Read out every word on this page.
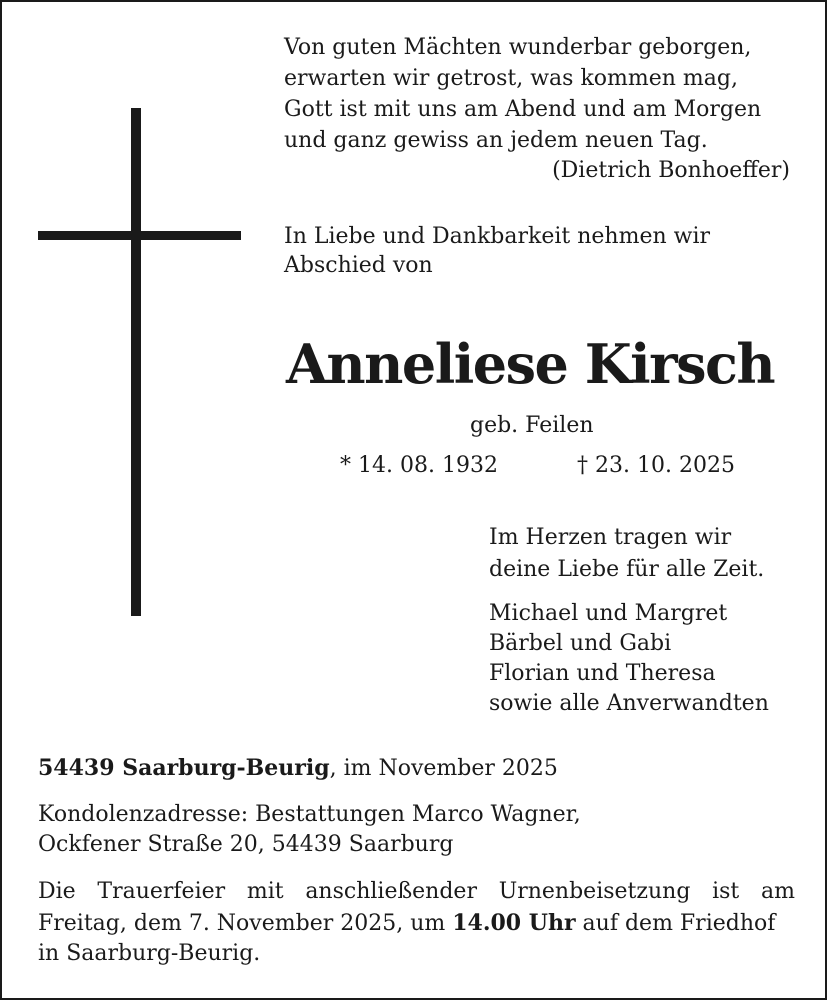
Von guten Mächten wunderbar geborgen,
erwarten wir getrost, was kommen mag,
Gott ist mit uns am Abend und am Morgen
und ganz gewiss an jedem neuen Tag.
(Dietrich Bonhoeffer)
In Liebe und Dankbarkeit nehmen wir
Abschied von
Anneliese Kirsch
geb. Feilen
* 14. 08. 1932	† 23. 10. 2025
Im Herzen tragen wir
deine Liebe für alle Zeit.
Michael und Margret
Bärbel und Gabi
Florian und Theresa
sowie alle Anverwandten
54439 Saarburg-Beurig, im November 2025
Kondolenzadresse: Bestattungen Marco Wagner,
Ockfener Straße 20, 54439 Saarburg
Die Trauerfeier mit anschließender Urnenbeisetzung ist am
Freitag, dem 7. November 2025, um 14.00 Uhr auf dem Friedhof
in Saarburg-Beurig.
